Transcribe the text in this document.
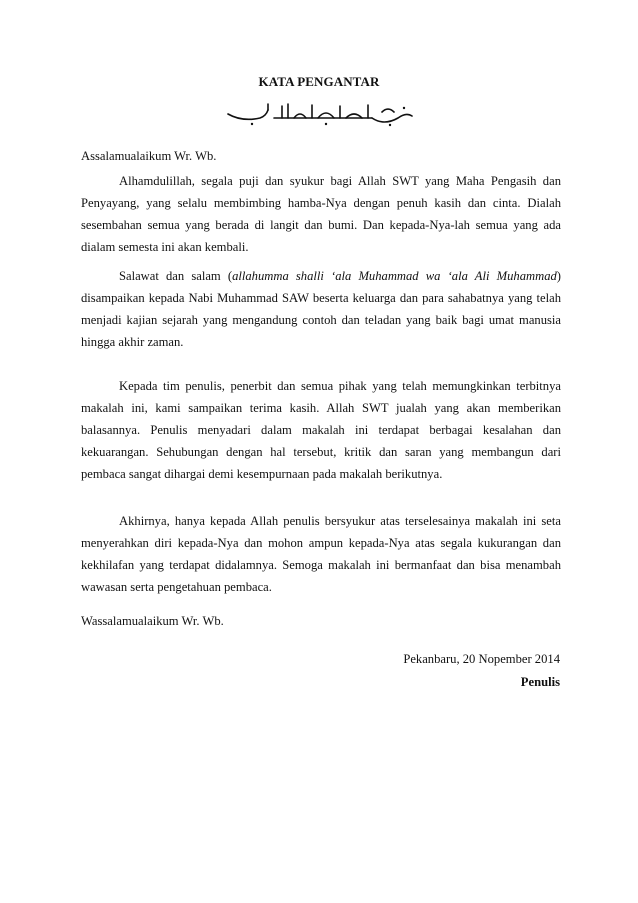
KATA PENGANTAR
Assalamualaikum Wr. Wb.
Alhamdulillah, segala puji dan syukur bagi Allah SWT yang Maha Pengasih dan
Penyayang, yang selalu membimbing hamba-Nya dengan penuh kasih dan cinta. Dialah
sesembahan semua yang berada di langit dan bumi. Dan kepada-Nya-lah semua yang ada
dialam semesta ini akan kembali.
Salawat dan salam (allahumma shalli ‘ala Muhammad wa ‘ala Ali Muhammad)
disampaikan kepada Nabi Muhammad SAW beserta keluarga dan para sahabatnya yang telah
menjadi kajian sejarah yang mengandung contoh dan teladan yang baik bagi umat manusia
hingga akhir zaman.
Kepada tim penulis, penerbit dan semua pihak yang telah memungkinkan terbitnya
makalah ini, kami sampaikan terima kasih. Allah SWT jualah yang akan memberikan
balasannya. Penulis menyadari dalam makalah ini terdapat berbagai kesalahan dan
kekuarangan. Sehubungan dengan hal tersebut, kritik dan saran yang membangun dari
pembaca sangat dihargai demi kesempurnaan pada makalah berikutnya.
Akhirnya, hanya kepada Allah penulis bersyukur atas terselesainya makalah ini seta
menyerahkan diri kepada-Nya dan mohon ampun kepada-Nya atas segala kukurangan dan
kekhilafan yang terdapat didalamnya. Semoga makalah ini bermanfaat dan bisa menambah
wawasan serta pengetahuan pembaca.
Wassalamualaikum Wr. Wb.
Pekanbaru, 20 Nopember 2014
Penulis
